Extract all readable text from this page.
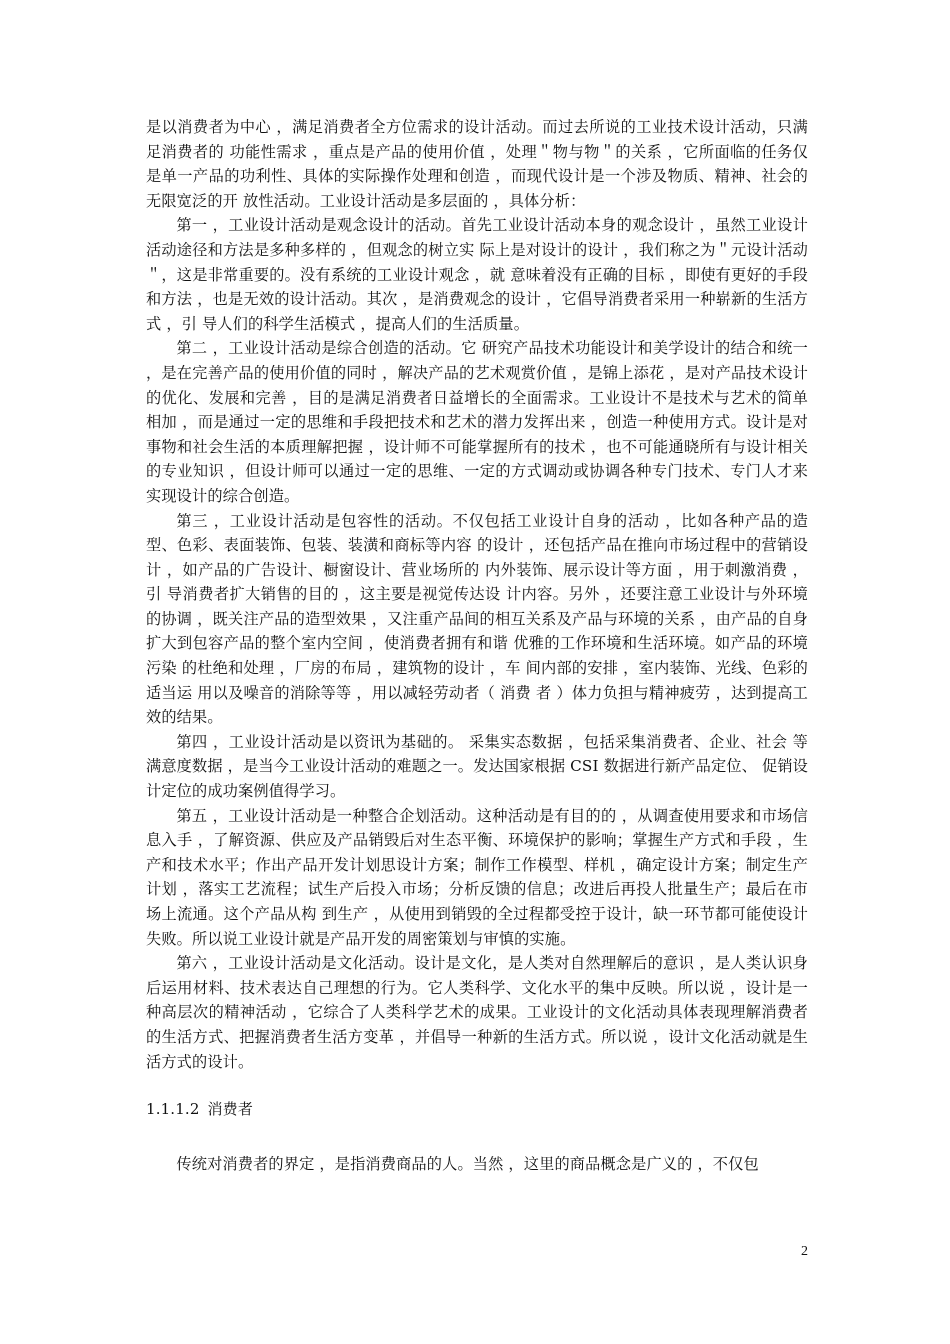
是以消费者为中心 ，满足消费者全方位需求的设计活动。而过去所说的工业技术设计活动，只满足消费者的 功能性需求 ，重点是产品的使用价值 ，处理＂物与物＂的关系 ，它所面临的任务仅是单一产品的功利性、具体的实际操作处理和创造 ，而现代设计是一个涉及物质、精神、社会的无限宽泛的开 放性活动。工业设计活动是多层面的 ，具体分析：

第一 ，工业设计活动是观念设计的活动。首先工业设计活动本身的观念设计 ，虽然工业设计活动途径和方法是多种多样的 ，但观念的树立实 际上是对设计的设计 ，我们称之为＂元设计活动＂，这是非常重要的。没有系统的工业设计观念 ，就 意味着没有正确的目标 ，即使有更好的手段和方法 ，也是无效的设计活动。其次 ，是消费观念的设计 ，它倡导消费者采用一种崭新的生活方式 ，引 导人们的科学生活模式 ，提高人们的生活质量。

第二 ，工业设计活动是综合创造的活动。它 研究产品技术功能设计和美学设计的结合和统一 ，是在完善产品的使用价值的同时 ，解决产品的艺术观赏价值 ，是锦上添花 ，是对产品技术设计的优化、发展和完善 ，目的是满足消费者日益增长的全面需求。工业设计不是技术与艺术的简单相加 ，而是通过一定的思维和手段把技术和艺术的潜力发挥出来 ，创造一种使用方式。设计是对事物和社会生活的本质理解把握 ，设计师不可能掌握所有的技术 ，也不可能通晓所有与设计相关的专业知识 ，但设计师可以通过一定的思维、一定的方式调动或协调各种专门技术、专门人才来实现设计的综合创造。

第三 ，工业设计活动是包容性的活动。不仅包括工业设计自身的活动 ，比如各种产品的造型、色彩、表面装饰、包装、装潢和商标等内容 的设计 ，还包括产品在推向市场过程中的营销设计 ，如产品的广告设计、橱窗设计、营业场所的 内外装饰、展示设计等方面 ，用于刺激消费 ，引 导消费者扩大销售的目的 ，这主要是视觉传达设 计内容。另外 ，还要注意工业设计与外环境的协调 ，既关注产品的造型效果 ，又注重产品间的相互关系及产品与环境的关系 ，由产品的自身扩大到包容产品的整个室内空间 ，使消费者拥有和谐 优雅的工作环境和生活环境。如产品的环境污染 的杜绝和处理 ，厂房的布局 ，建筑物的设计 ，车 间内部的安排 ，室内装饰、光线、色彩的适当运 用以及噪音的消除等等 ，用以减轻劳动者（ 消费 者 ）体力负担与精神疲劳 ，达到提高工效的结果。

第四 ，工业设计活动是以资讯为基础的。 采集实态数据 ，包括采集消费者、企业、社会 等满意度数据 ，是当今工业设计活动的难题之一。发达国家根据 CSI 数据进行新产品定位、 促销设计定位的成功案例值得学习。

第五 ，工业设计活动是一种整合企划活动。这种活动是有目的的 ，从调查使用要求和市场信息入手 ，了解资源、供应及产品销毁后对生态平衡、环境保护的影响；掌握生产方式和手段 ，生产和技术水平；作出产品开发计划思设计方案；制作工作模型、样机 ，确定设计方案；制定生产计划 ，落实工艺流程；试生产后投入市场；分析反馈的信息；改进后再投人批量生产；最后在市场上流通。这个产品从构 到生产 ，从使用到销毁的全过程都受控于设计，缺一环节都可能使设计失败。所以说工业设计就是产品开发的周密策划与审慎的实施。

第六 ，工业设计活动是文化活动。设计是文化，是人类对自然理解后的意识 ，是人类认识身后运用材料、技术表达自己理想的行为。它人类科学、文化水平的集中反映。所以说 ，设计是一种高层次的精神活动 ，它综合了人类科学艺术的成果。工业设计的文化活动具体表现理解消费者的生活方式、把握消费者生活方变革 ，并倡导一种新的生活方式。所以说 ，设计文化活动就是生活方式的设计。

1.1.1.2 消费者

传统对消费者的界定 ，是指消费商品的人。当然 ，这里的商品概念是广义的 ，不仅包

2
